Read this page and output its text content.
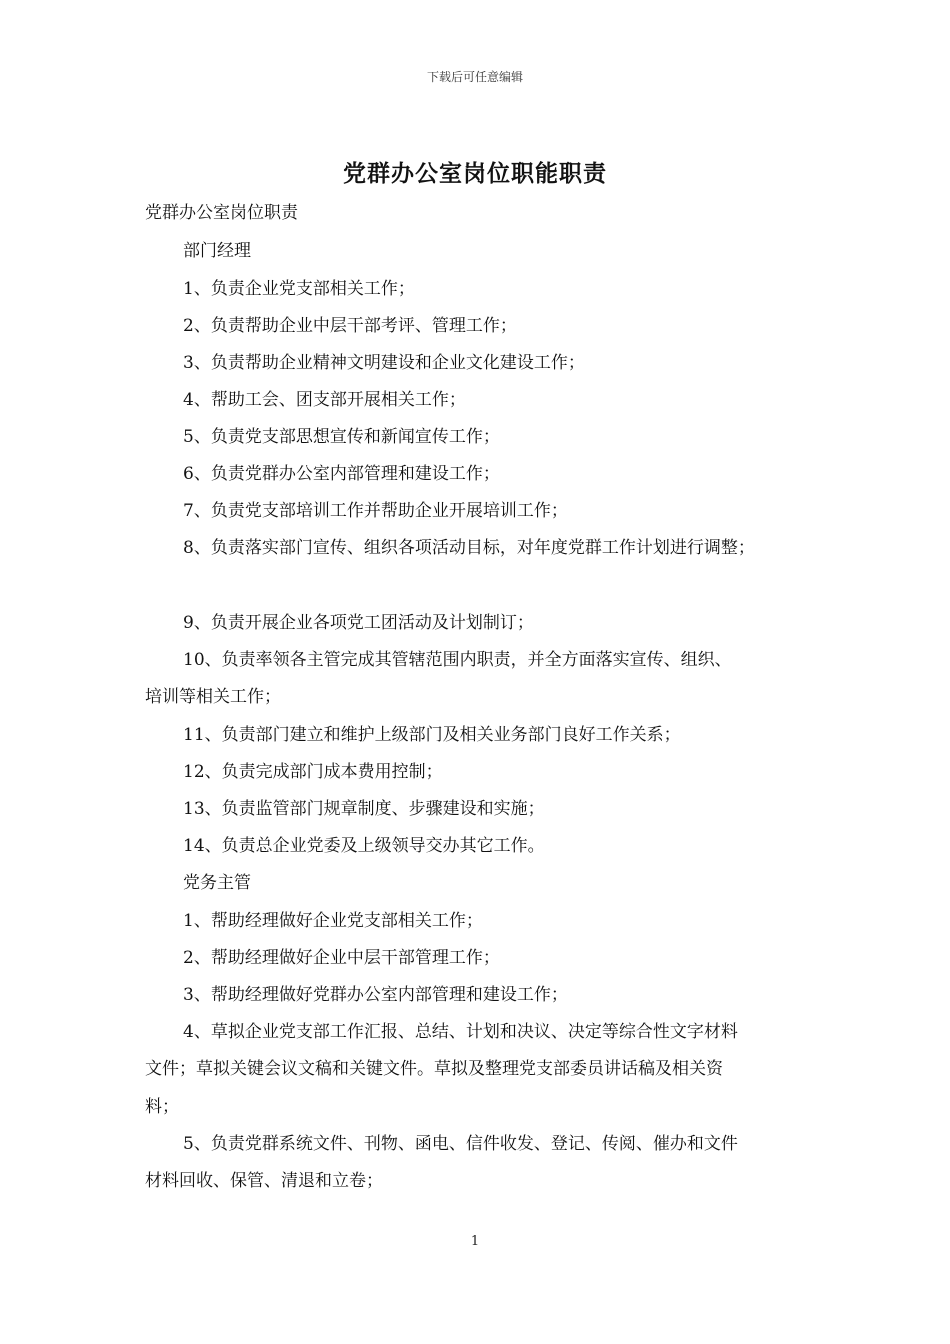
下载后可任意编辑
党群办公室岗位职能职责
党群办公室岗位职责
部门经理
1、负责企业党支部相关工作；
2、负责帮助企业中层干部考评、管理工作；
3、负责帮助企业精神文明建设和企业文化建设工作；
4、帮助工会、团支部开展相关工作；
5、负责党支部思想宣传和新闻宣传工作；
6、负责党群办公室内部管理和建设工作；
7、负责党支部培训工作并帮助企业开展培训工作；
8、负责落实部门宣传、组织各项活动目标，对年度党群工作计划进行调整；
9、负责开展企业各项党工团活动及计划制订；
10、负责率领各主管完成其管辖范围内职责，并全方面落实宣传、组织、
培训等相关工作；
11、负责部门建立和维护上级部门及相关业务部门良好工作关系；
12、负责完成部门成本费用控制；
13、负责监管部门规章制度、步骤建设和实施；
14、负责总企业党委及上级领导交办其它工作。
党务主管
1、帮助经理做好企业党支部相关工作；
2、帮助经理做好企业中层干部管理工作；
3、帮助经理做好党群办公室内部管理和建设工作；
4、草拟企业党支部工作汇报、总结、计划和决议、决定等综合性文字材料
文件；草拟关键会议文稿和关键文件。草拟及整理党支部委员讲话稿及相关资
料；
5、负责党群系统文件、刊物、函电、信件收发、登记、传阅、催办和文件
材料回收、保管、清退和立卷；
1
